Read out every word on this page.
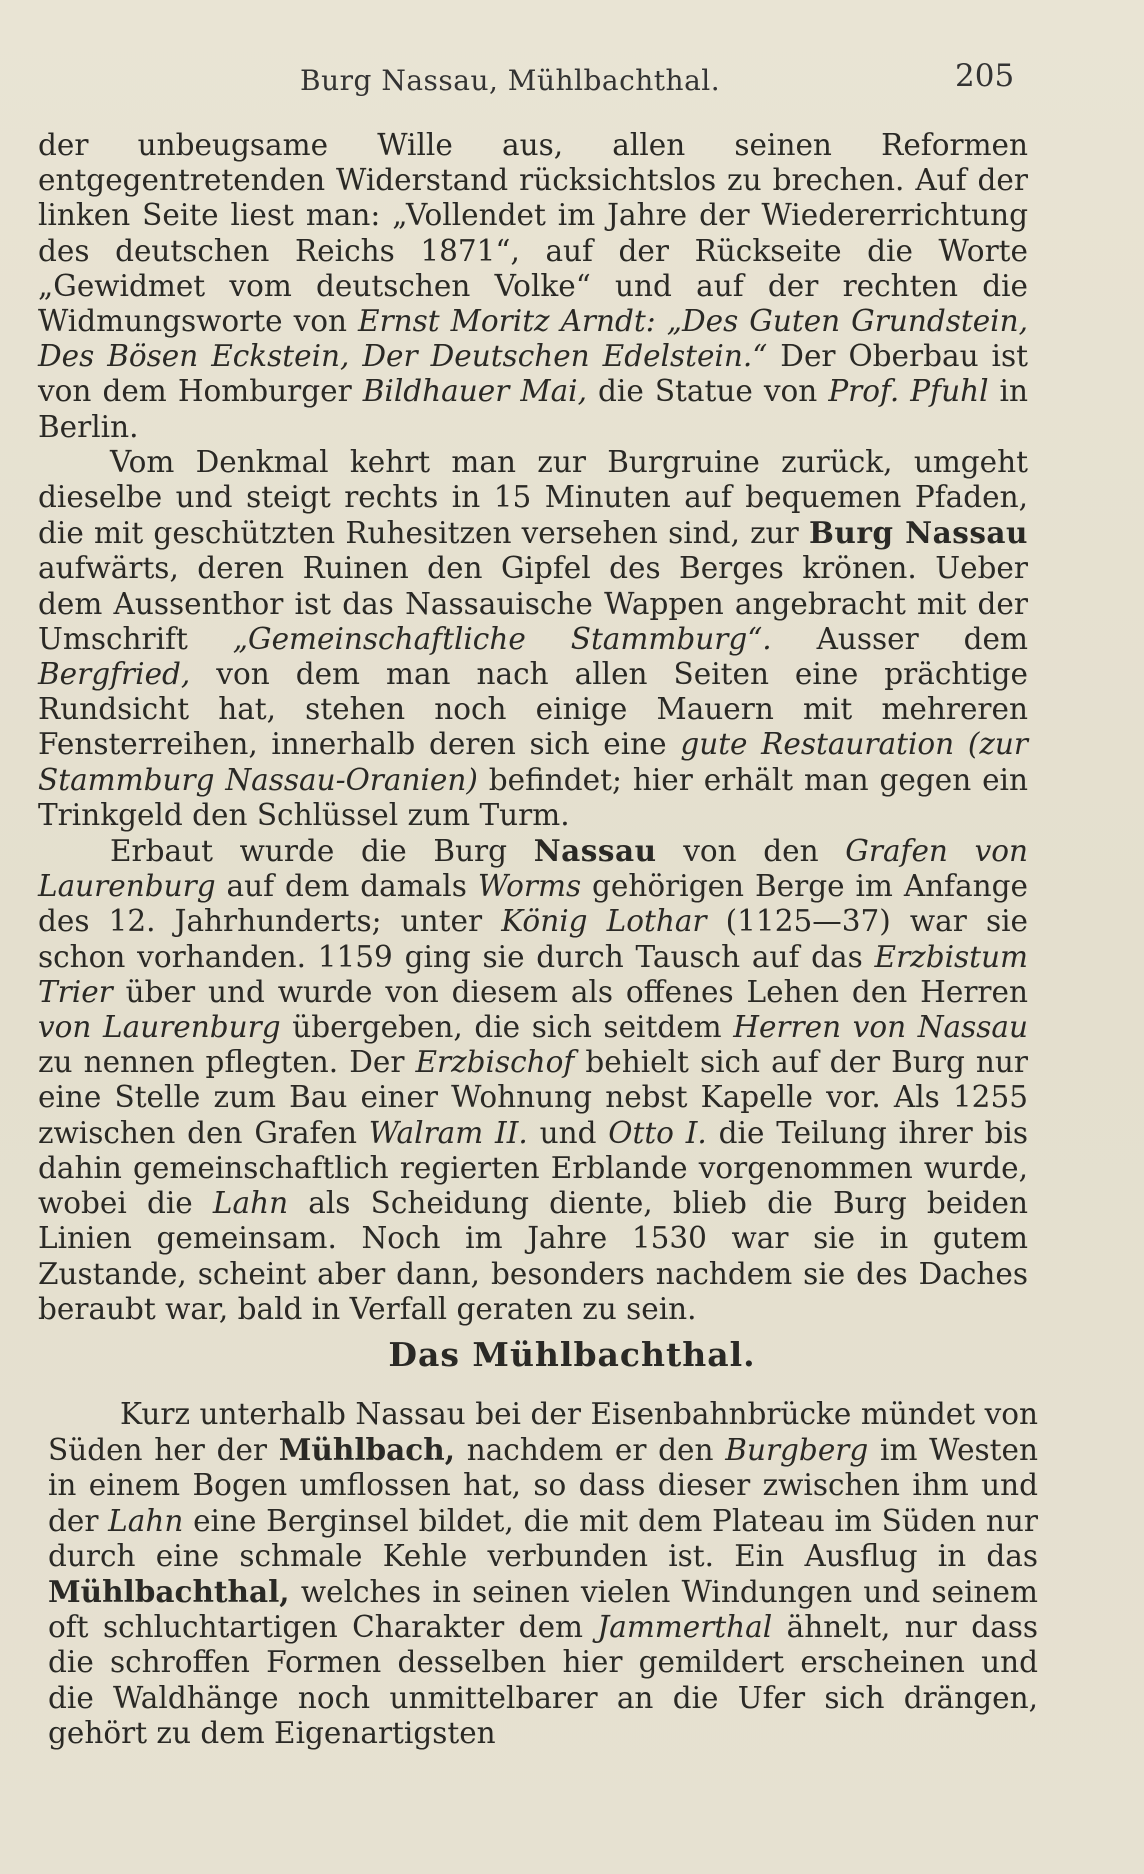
Burg Nassau, Mühlbachthal.	205

der unbeugsame Wille aus, allen seinen Reformen entgegentretenden Widerstand rücksichtslos zu brechen. Auf der linken Seite liest man: „Vollendet im Jahre der Wiedererrichtung des deutschen Reichs 1871“, auf der Rückseite die Worte „Gewidmet vom deutschen Volke“ und auf der rechten die Widmungsworte von Ernst Moritz Arndt: „Des Guten Grundstein, Des Bösen Eckstein, Der Deutschen Edelstein.“ Der Oberbau ist von dem Homburger Bildhauer Mai, die Statue von Prof. Pfuhl in Berlin.

Vom Denkmal kehrt man zur Burgruine zurück, umgeht dieselbe und steigt rechts in 15 Minuten auf bequemen Pfaden, die mit geschützten Ruhesitzen versehen sind, zur Burg Nassau aufwärts, deren Ruinen den Gipfel des Berges krönen. Ueber dem Aussenthor ist das Nassauische Wappen angebracht mit der Umschrift „Gemeinschaftliche Stammburg“. Ausser dem Bergfried, von dem man nach allen Seiten eine prächtige Rundsicht hat, stehen noch einige Mauern mit mehreren Fensterreihen, innerhalb deren sich eine gute Restauration (zur Stammburg Nassau-Oranien) befindet; hier erhält man gegen ein Trinkgeld den Schlüssel zum Turm.

Erbaut wurde die Burg Nassau von den Grafen von Laurenburg auf dem damals Worms gehörigen Berge im Anfange des 12. Jahrhunderts; unter König Lothar (1125—37) war sie schon vorhanden. 1159 ging sie durch Tausch auf das Erzbistum Trier über und wurde von diesem als offenes Lehen den Herren von Laurenburg übergeben, die sich seitdem Herren von Nassau zu nennen pflegten. Der Erzbischof behielt sich auf der Burg nur eine Stelle zum Bau einer Wohnung nebst Kapelle vor. Als 1255 zwischen den Grafen Walram II. und Otto I. die Teilung ihrer bis dahin gemeinschaftlich regierten Erblande vorgenommen wurde, wobei die Lahn als Scheidung diente, blieb die Burg beiden Linien gemeinsam. Noch im Jahre 1530 war sie in gutem Zustande, scheint aber dann, besonders nachdem sie des Daches beraubt war, bald in Verfall geraten zu sein.

Das Mühlbachthal.

Kurz unterhalb Nassau bei der Eisenbahnbrücke mündet von Süden her der Mühlbach, nachdem er den Burgberg im Westen in einem Bogen umflossen hat, so dass dieser zwischen ihm und der Lahn eine Berginsel bildet, die mit dem Plateau im Süden nur durch eine schmale Kehle verbunden ist. Ein Ausflug in das Mühlbachthal, welches in seinen vielen Windungen und seinem oft schluchtartigen Charakter dem Jammerthal ähnelt, nur dass die schroffen Formen desselben hier gemildert erscheinen und die Waldhänge noch unmittelbarer an die Ufer sich drängen, gehört zu dem Eigenartigsten
